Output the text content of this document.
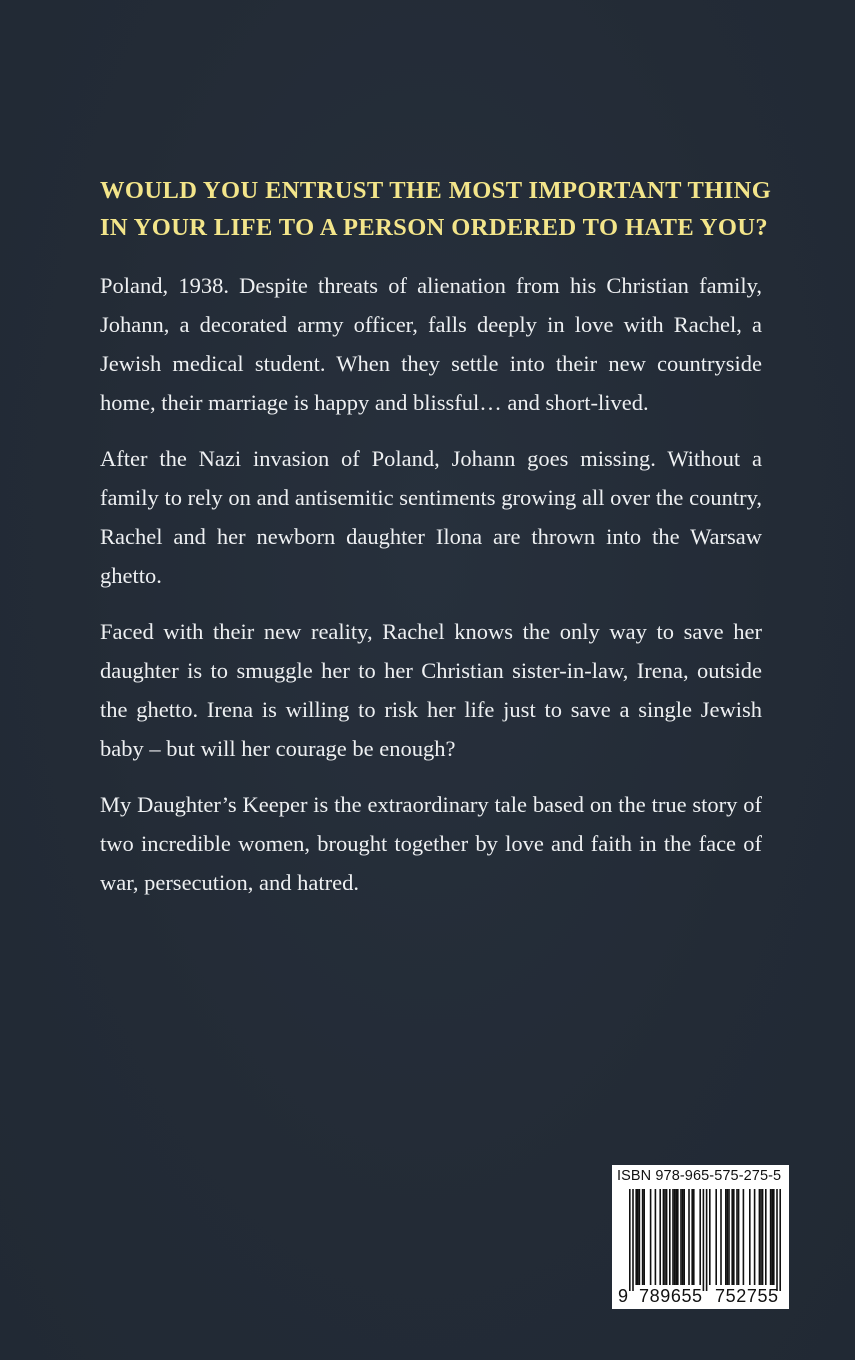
WOULD YOU ENTRUST THE MOST IMPORTANT THING
IN YOUR LIFE TO A PERSON ORDERED TO HATE YOU?

Poland, 1938. Despite threats of alienation from his Christian family, Johann, a decorated army officer, falls deeply in love with Rachel, a Jewish medical student. When they settle into their new countryside home, their marriage is happy and blissful… and short-lived.

After the Nazi invasion of Poland, Johann goes missing. Without a family to rely on and antisemitic sentiments growing all over the country, Rachel and her newborn daughter Ilona are thrown into the Warsaw ghetto.

Faced with their new reality, Rachel knows the only way to save her daughter is to smuggle her to her Christian sister-in-law, Irena, outside the ghetto. Irena is willing to risk her life just to save a single Jewish baby – but will her courage be enough?

My Daughter’s Keeper is the extraordinary tale based on the true story of two incredible women, brought together by love and faith in the face of war, persecution, and hatred.

ISBN 978-965-575-275-5
9 789655 752755
